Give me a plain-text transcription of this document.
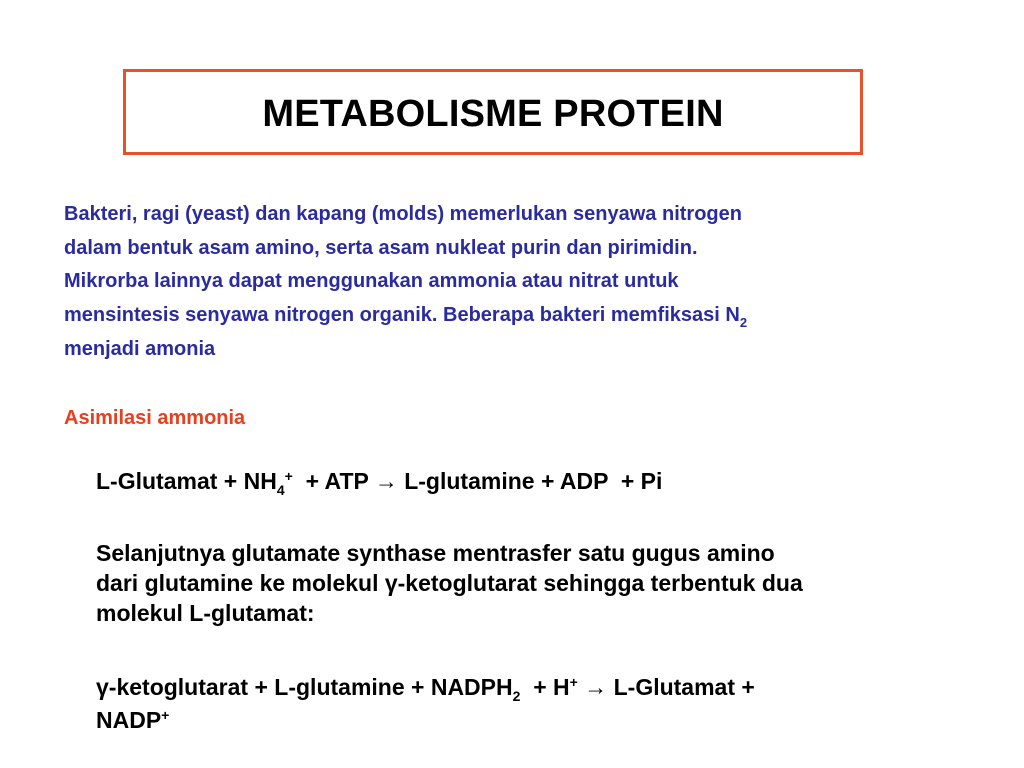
METABOLISME PROTEIN

Bakteri, ragi (yeast) dan kapang (molds) memerlukan senyawa nitrogen
dalam bentuk asam amino, serta asam nukleat purin dan pirimidin.
Mikrorba lainnya dapat menggunakan ammonia atau nitrat untuk
mensintesis senyawa nitrogen organik. Beberapa bakteri memfiksasi $N_2$
menjadi amonia

Asimilasi ammonia

L-Glutamat + $NH_4^+$  + ATP → L-glutamine + ADP  + Pi

Selanjutnya glutamate synthase mentrasfer satu gugus amino
dari glutamine ke molekul γ-ketoglutarat sehingga terbentuk dua
molekul L-glutamat:

γ-ketoglutarat + L-glutamine + $NADPH_2 + H^+$ → L-Glutamat +
NADP+
